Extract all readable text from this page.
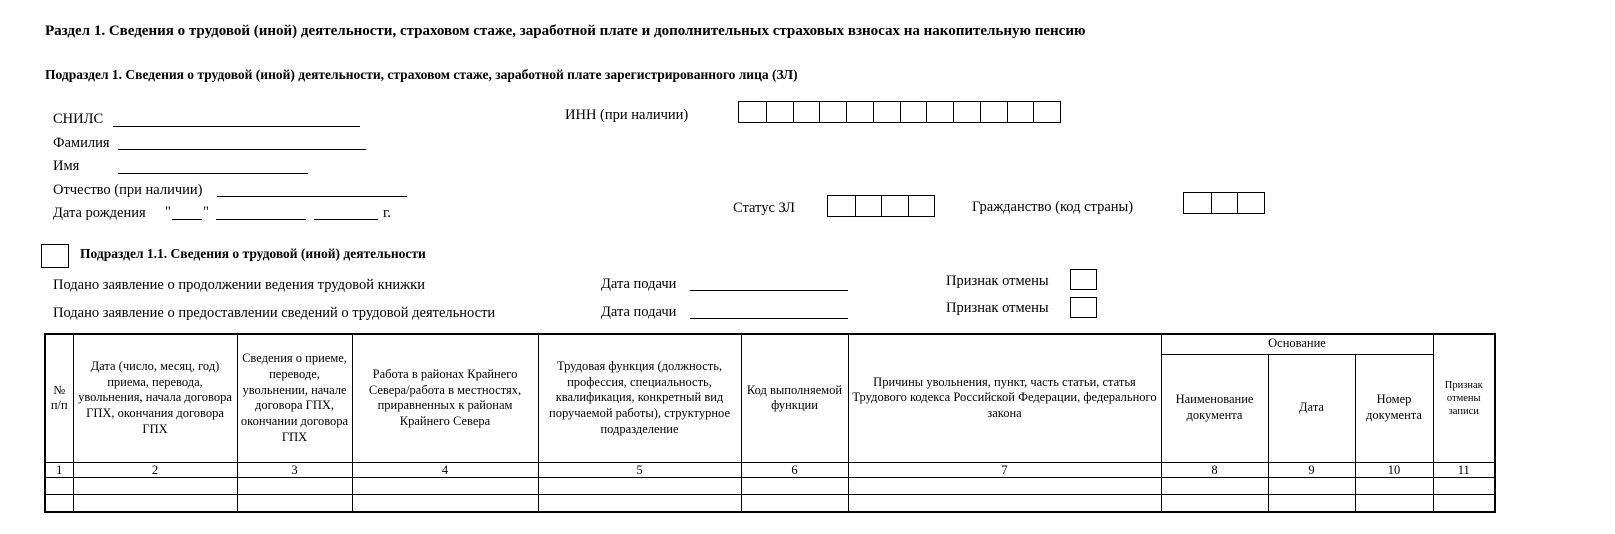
Раздел 1. Сведения о трудовой (иной) деятельности, страховом стаже, заработной плате и дополнительных страховых взносах на накопительную пенсию
Подраздел 1. Сведения о трудовой (иной) деятельности, страховом стаже, заработной плате зарегистрированного лица (ЗЛ)
СНИЛС
Фамилия
Имя
Отчество (при наличии)
Дата рождения " "	г.
ИНН (при наличии)
Статус ЗЛ	Гражданство (код страны)
Подраздел 1.1. Сведения о трудовой (иной) деятельности
Подано заявление о продолжении ведения трудовой книжки	Дата подачи	Признак отмены
Подано заявление о предоставлении сведений о трудовой деятельности	Дата подачи	Признак отмены
№ п/п	Дата (число, месяц, год) приема, перевода, увольнения, начала договора ГПХ, окончания договора ГПХ	Сведения о приеме, переводе, увольнении, начале договора ГПХ, окончании договора ГПХ	Работа в районах Крайнего Севера/работа в местностях, приравненных к районам Крайнего Севера	Трудовая функция (должность, профессия, специальность, квалификация, конкретный вид поручаемой работы), структурное подразделение	Код выполняемой функции	Причины увольнения, пункт, часть статьи, статья Трудового кодекса Российской Федерации, федерального закона	Основание			Признак отмены записи
							Наименование документа	Дата	Номер документа	
1	2	3	4	5	6	7	8	9	10	11
